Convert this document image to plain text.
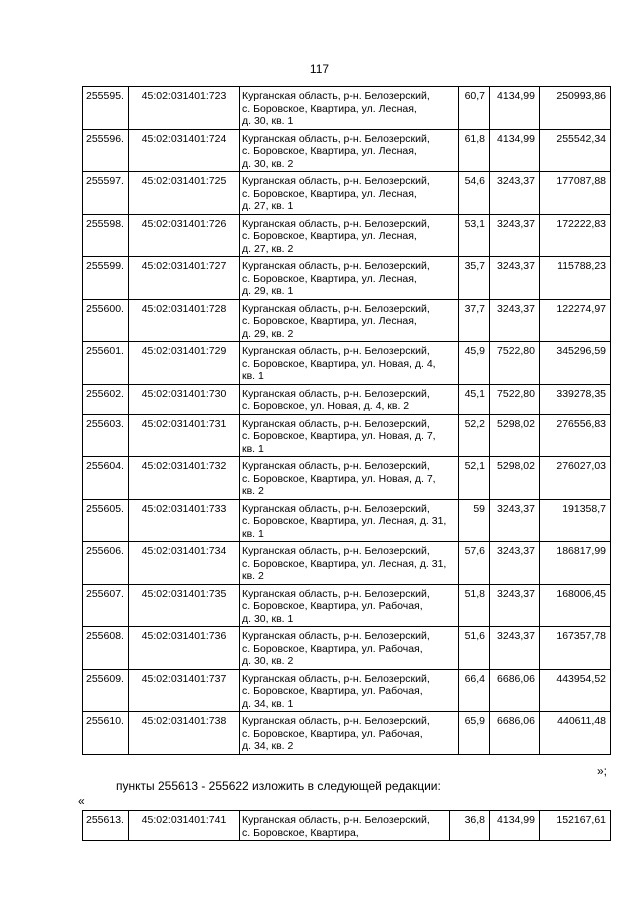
117
255595.	45:02:031401:723	Курганская область, р-н. Белозерский,
с. Боровское, Квартира, ул. Лесная,
д. 30, кв. 1	60,7	4134,99	250993,86
255596.	45:02:031401:724	Курганская область, р-н. Белозерский,
с. Боровское, Квартира, ул. Лесная,
д. 30, кв. 2	61,8	4134,99	255542,34
255597.	45:02:031401:725	Курганская область, р-н. Белозерский,
с. Боровское, Квартира, ул. Лесная,
д. 27, кв. 1	54,6	3243,37	177087,88
255598.	45:02:031401:726	Курганская область, р-н. Белозерский,
с. Боровское, Квартира, ул. Лесная,
д. 27, кв. 2	53,1	3243,37	172222,83
255599.	45:02:031401:727	Курганская область, р-н. Белозерский,
с. Боровское, Квартира, ул. Лесная,
д. 29, кв. 1	35,7	3243,37	115788,23
255600.	45:02:031401:728	Курганская область, р-н. Белозерский,
с. Боровское, Квартира, ул. Лесная,
д. 29, кв. 2	37,7	3243,37	122274,97
255601.	45:02:031401:729	Курганская область, р-н. Белозерский,
с. Боровское, Квартира, ул. Новая, д. 4,
кв. 1	45,9	7522,80	345296,59
255602.	45:02:031401:730	Курганская область, р-н. Белозерский,
с. Боровское, ул. Новая, д. 4, кв. 2	45,1	7522,80	339278,35
255603.	45:02:031401:731	Курганская область, р-н. Белозерский,
с. Боровское, Квартира, ул. Новая, д. 7,
кв. 1	52,2	5298,02	276556,83
255604.	45:02:031401:732	Курганская область, р-н. Белозерский,
с. Боровское, Квартира, ул. Новая, д. 7,
кв. 2	52,1	5298,02	276027,03
255605.	45:02:031401:733	Курганская область, р-н. Белозерский,
с. Боровское, Квартира, ул. Лесная, д. 31,
кв. 1	59	3243,37	191358,7
255606.	45:02:031401:734	Курганская область, р-н. Белозерский,
с. Боровское, Квартира, ул. Лесная, д. 31,
кв. 2	57,6	3243,37	186817,99
255607.	45:02:031401:735	Курганская область, р-н. Белозерский,
с. Боровское, Квартира, ул. Рабочая,
д. 30, кв. 1	51,8	3243,37	168006,45
255608.	45:02:031401:736	Курганская область, р-н. Белозерский,
с. Боровское, Квартира, ул. Рабочая,
д. 30, кв. 2	51,6	3243,37	167357,78
255609.	45:02:031401:737	Курганская область, р-н. Белозерский,
с. Боровское, Квартира, ул. Рабочая,
д. 34, кв. 1	66,4	6686,06	443954,52
255610.	45:02:031401:738	Курганская область, р-н. Белозерский,
с. Боровское, Квартира, ул. Рабочая,
д. 34, кв. 2	65,9	6686,06	440611,48
»;
пункты 255613 - 255622 изложить в следующей редакции:
«
255613.	45:02:031401:741	Курганская область, р-н. Белозерский,
с. Боровское, Квартира,
	36,8	4134,99	152167,61
